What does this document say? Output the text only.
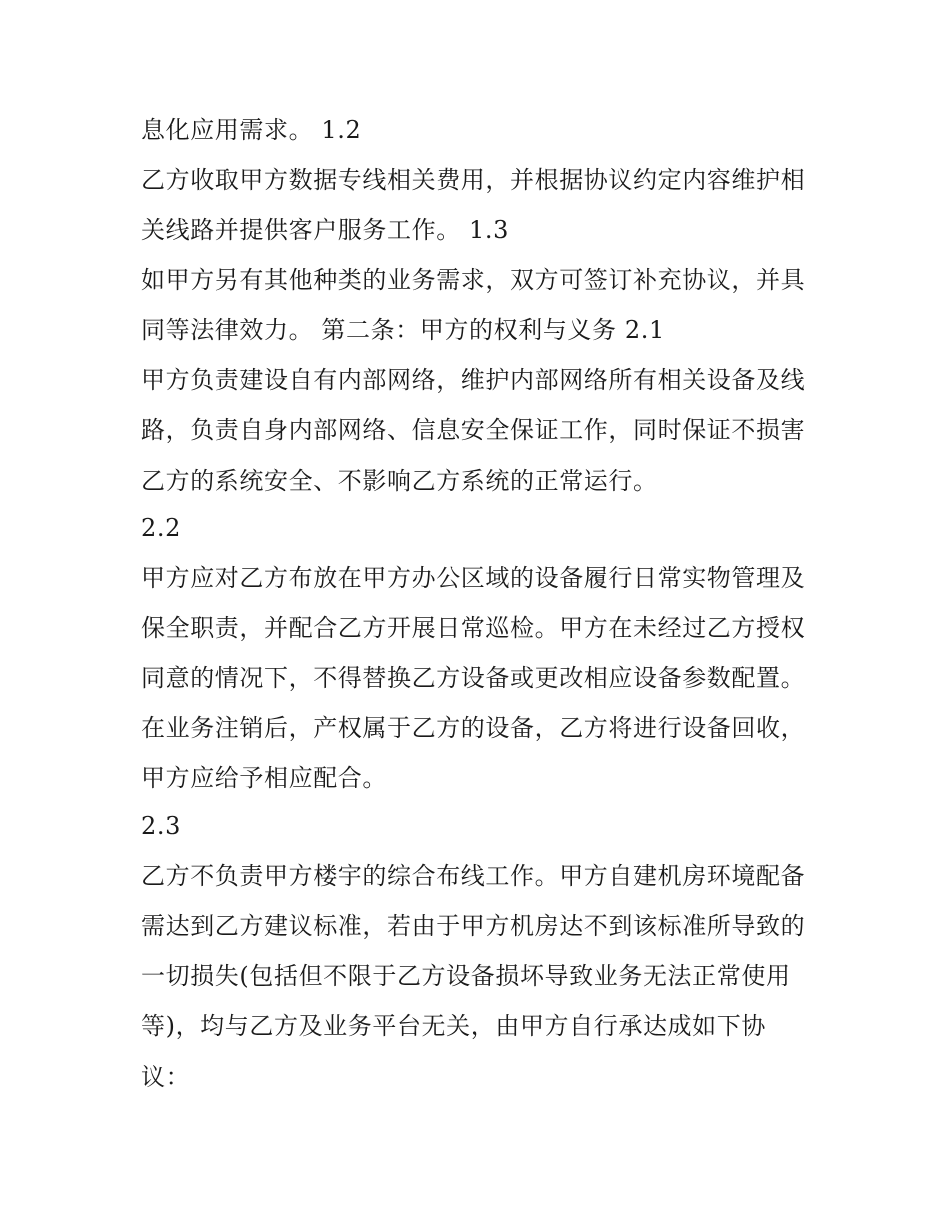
息化应用需求。 1.2
乙方收取甲方数据专线相关费用，并根据协议约定内容维护相
关线路并提供客户服务工作。 1.3
如甲方另有其他种类的业务需求，双方可签订补充协议，并具
同等法律效力。 第二条：甲方的权利与义务 2.1
甲方负责建设自有内部网络，维护内部网络所有相关设备及线
路，负责自身内部网络、信息安全保证工作，同时保证不损害
乙方的系统安全、不影响乙方系统的正常运行。
2.2
甲方应对乙方布放在甲方办公区域的设备履行日常实物管理及
保全职责，并配合乙方开展日常巡检。甲方在未经过乙方授权
同意的情况下，不得替换乙方设备或更改相应设备参数配置。
在业务注销后，产权属于乙方的设备，乙方将进行设备回收，
甲方应给予相应配合。
2.3
乙方不负责甲方楼宇的综合布线工作。甲方自建机房环境配备
需达到乙方建议标准，若由于甲方机房达不到该标准所导致的
一切损失(包括但不限于乙方设备损坏导致业务无法正常使用
等)，均与乙方及业务平台无关，由甲方自行承达成如下协
议：
